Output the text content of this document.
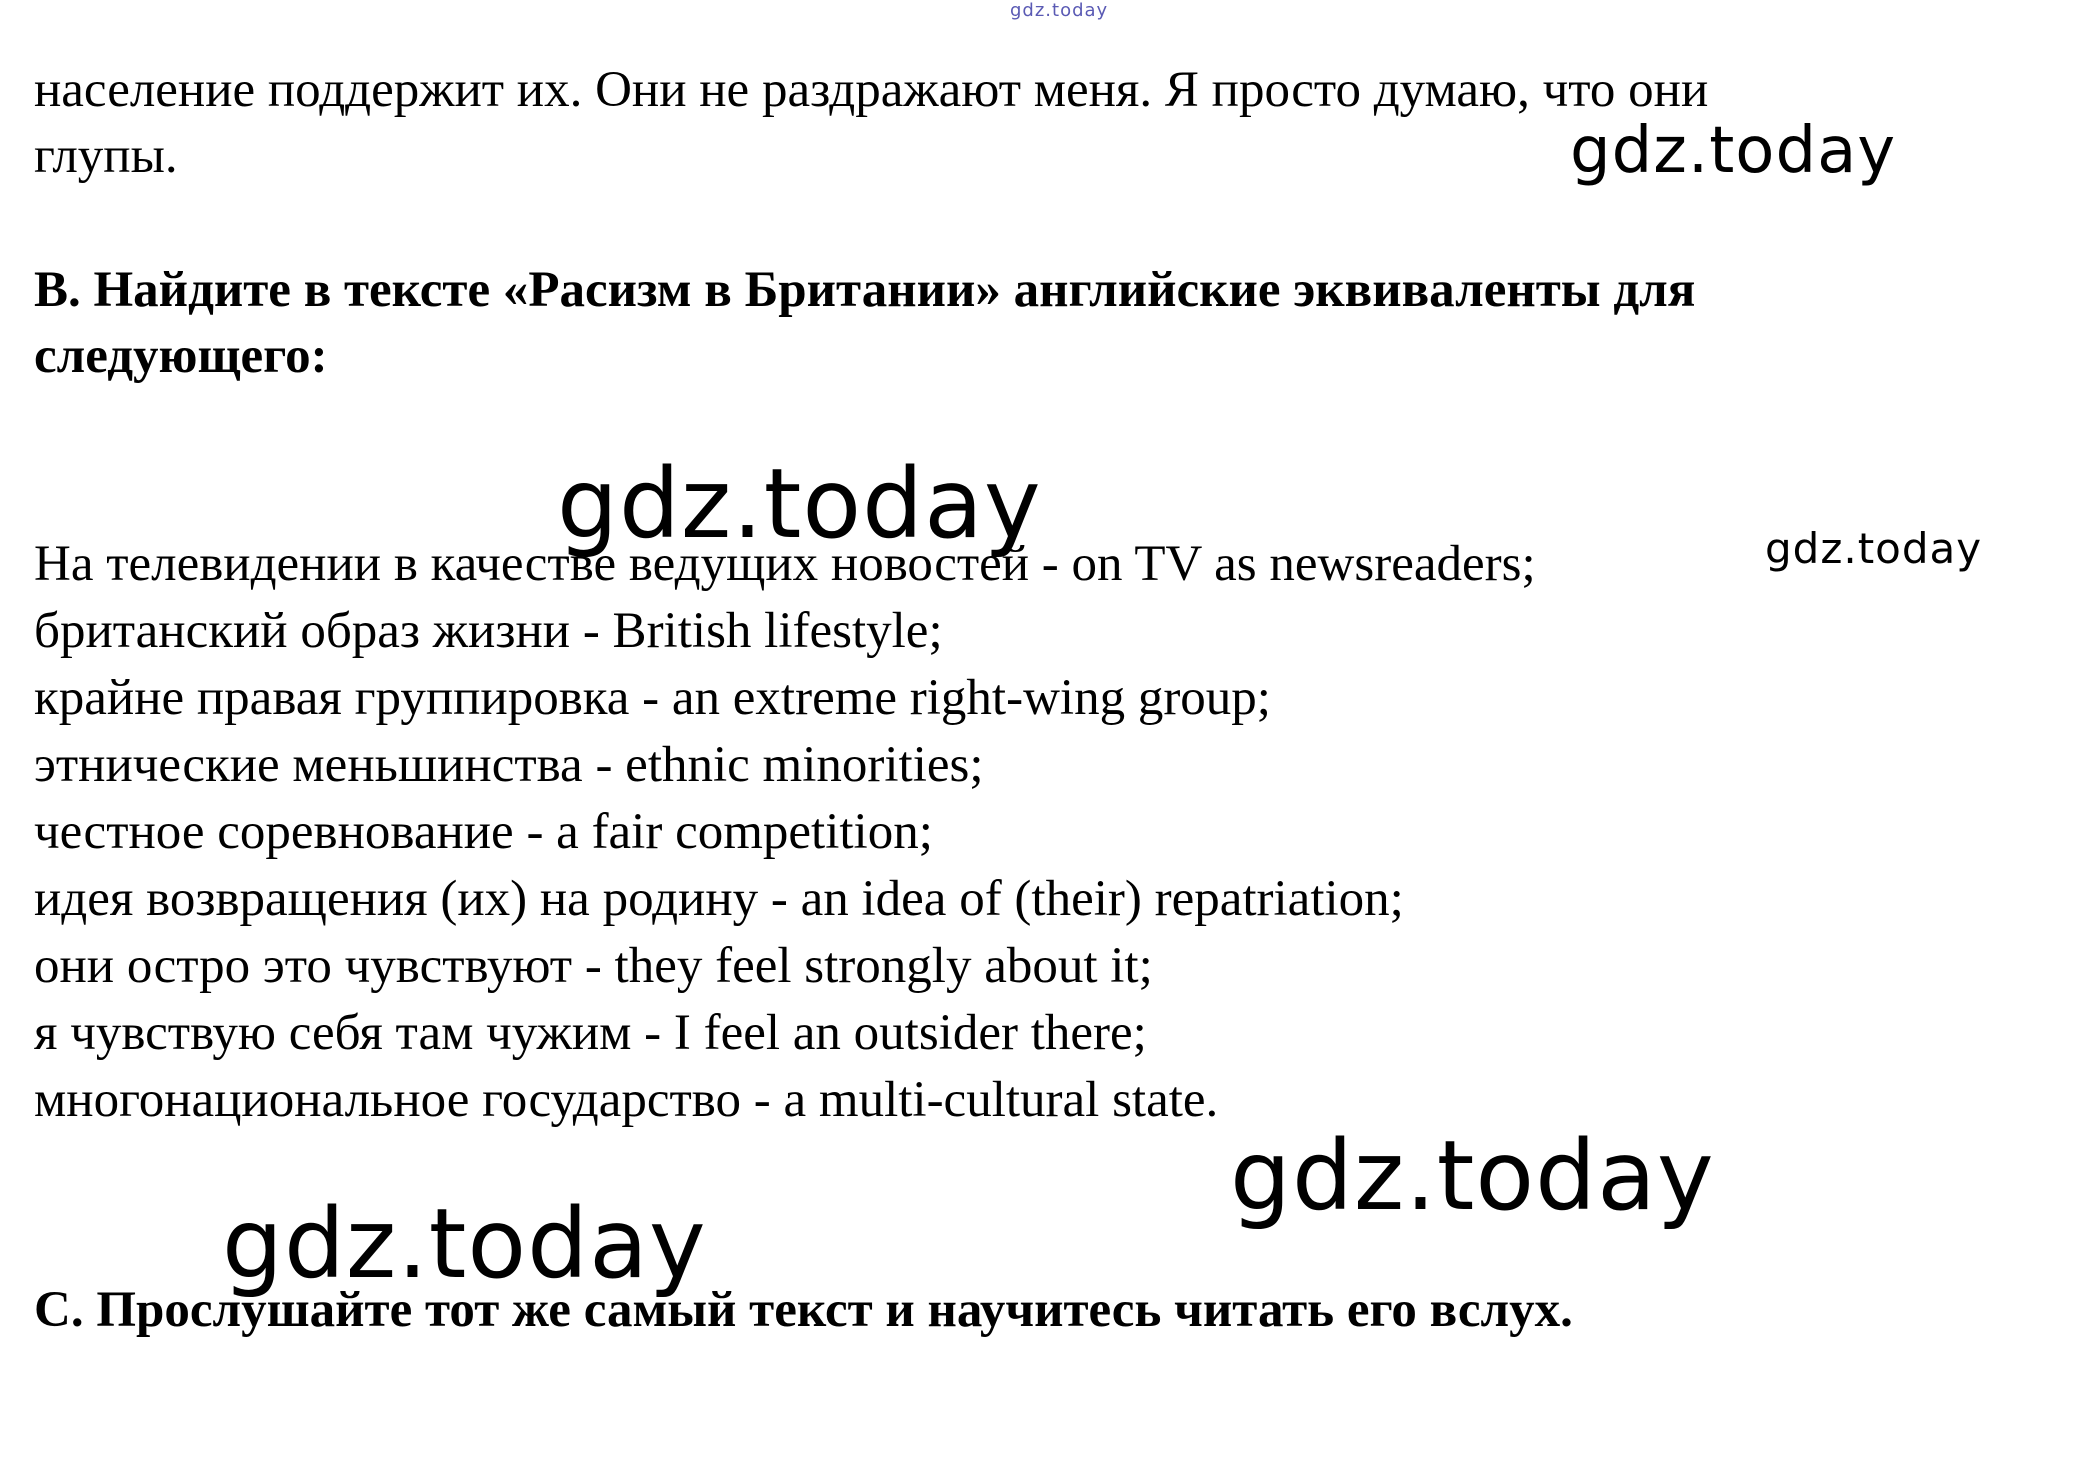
gdz.today
население поддержит их. Они не раздражают меня. Я просто думаю, что они
глупы.	gdz.today
B. Найдите в тексте «Расизм в Британии» английские эквиваленты для
следующего:
gdz.today	gdz.today
На телевидении в качестве ведущих новостей - on TV as newsreaders;
британский образ жизни - British lifestyle;
крайне правая группировка - an extreme right-wing group;
этнические меньшинства - ethnic minorities;
честное соревнование - a fair competition;
идея возвращения (их) на родину - an idea of (their) repatriation;
они остро это чувствуют - they feel strongly about it;
я чувствую себя там чужим - I feel an outsider there;
многонациональное государство - a multi-cultural state.
gdz.today
gdz.today
C. Прослушайте тот же самый текст и научитесь читать его вслух.
